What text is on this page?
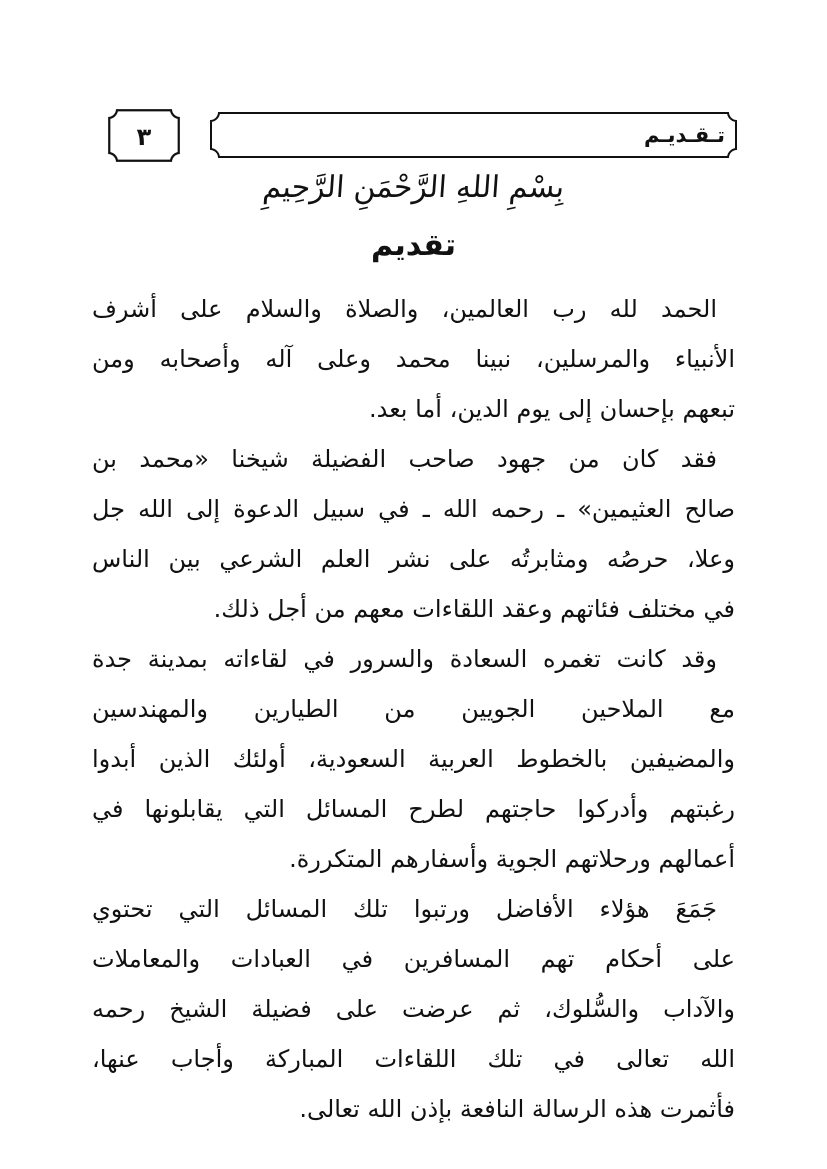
٣	تـقـديـم
بِسْمِ اللهِ الرَّحْمَنِ الرَّحِيمِ
تقديم
الحمد لله رب العالمين، والصلاة والسلام على أشرف
الأنبياء والمرسلين، نبينا محمد وعلى آله وأصحابه ومن
تبعهم بإحسان إلى يوم الدين، أما بعد.
فقد كان من جهود صاحب الفضيلة شيخنا «محمد بن
صالح العثيمين» ـ رحمه الله ـ في سبيل الدعوة إلى الله جل
وعلا، حرصُه ومثابرتُه على نشر العلم الشرعي بين الناس
في مختلف فئاتهم وعقد اللقاءات معهم من أجل ذلك.
وقد كانت تغمره السعادة والسرور في لقاءاته بمدينة جدة
مع الملاحين الجويين من الطيارين والمهندسين
والمضيفين بالخطوط العربية السعودية، أولئك الذين أبدوا
رغبتهم وأدركوا حاجتهم لطرح المسائل التي يقابلونها في
أعمالهم ورحلاتهم الجوية وأسفارهم المتكررة.
جَمَعَ هؤلاء الأفاضل ورتبوا تلك المسائل التي تحتوي
على أحكام تهم المسافرين في العبادات والمعاملات
والآداب والسُّلوك، ثم عرضت على فضيلة الشيخ رحمه
الله تعالى في تلك اللقاءات المباركة وأجاب عنها،
فأثمرت هذه الرسالة النافعة بإذن الله تعالى.
